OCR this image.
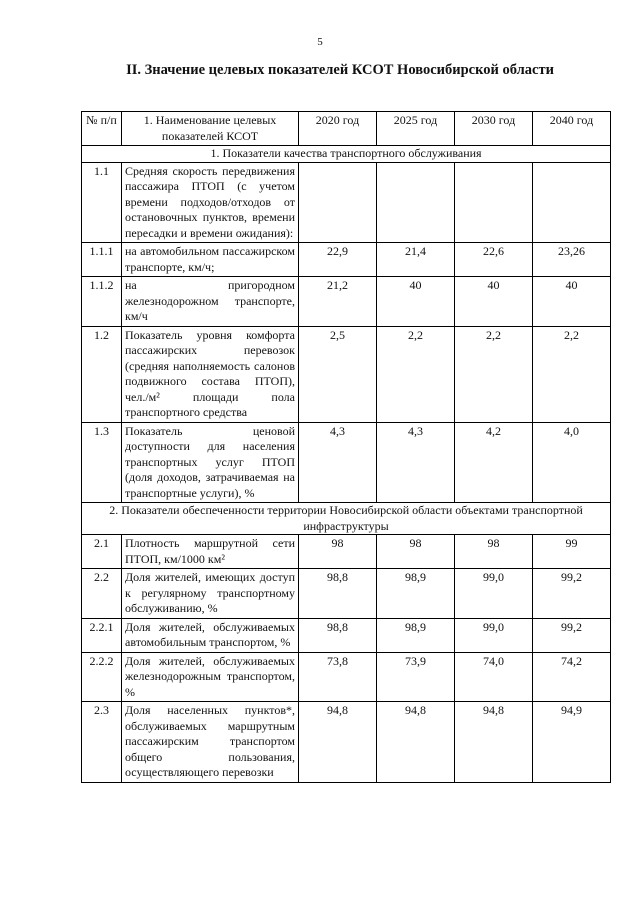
5
II. Значение целевых показателей КСОТ Новосибирской области
№ п/п	1. Наименование целевых показателей КСОТ	2020 год	2025 год	2030 год	2040 год
1. Показатели качества транспортного обслуживания					
1.1	Средняя скорость передвижения пассажира ПТОП (с учетом времени подходов/отходов от остановочных пунктов, времени пересадки и времени ожидания):				
1.1.1	на автомобильном пассажирском транспорте, км/ч;	22,9	21,4	22,6	23,26
1.1.2	на пригородном железнодорожном транспорте, км/ч	21,2	40	40	40
1.2	Показатель уровня комфорта пассажирских перевозок (средняя наполняемость салонов подвижного состава ПТОП), чел./м² площади пола транспортного средства	2,5	2,2	2,2	2,2
1.3	Показатель ценовой доступности для населения транспортных услуг ПТОП (доля доходов, затрачиваемая на транспортные услуги), %	4,3	4,3	4,2	4,0
2. Показатели обеспеченности территории Новосибирской области объектами транспортной инфраструктуры					
2.1	Плотность маршрутной сети ПТОП, км/1000 км²	98	98	98	99
2.2	Доля жителей, имеющих доступ к регулярному транспортному обслуживанию, %	98,8	98,9	99,0	99,2
2.2.1	Доля жителей, обслуживаемых автомобильным транспортом, %	98,8	98,9	99,0	99,2
2.2.2	Доля жителей, обслуживаемых железнодорожным транспортом, %	73,8	73,9	74,0	74,2
2.3	Доля населенных пунктов*, обслуживаемых маршрутным пассажирским транспортом общего пользования, осуществляющего перевозки	94,8	94,8	94,8	94,9
